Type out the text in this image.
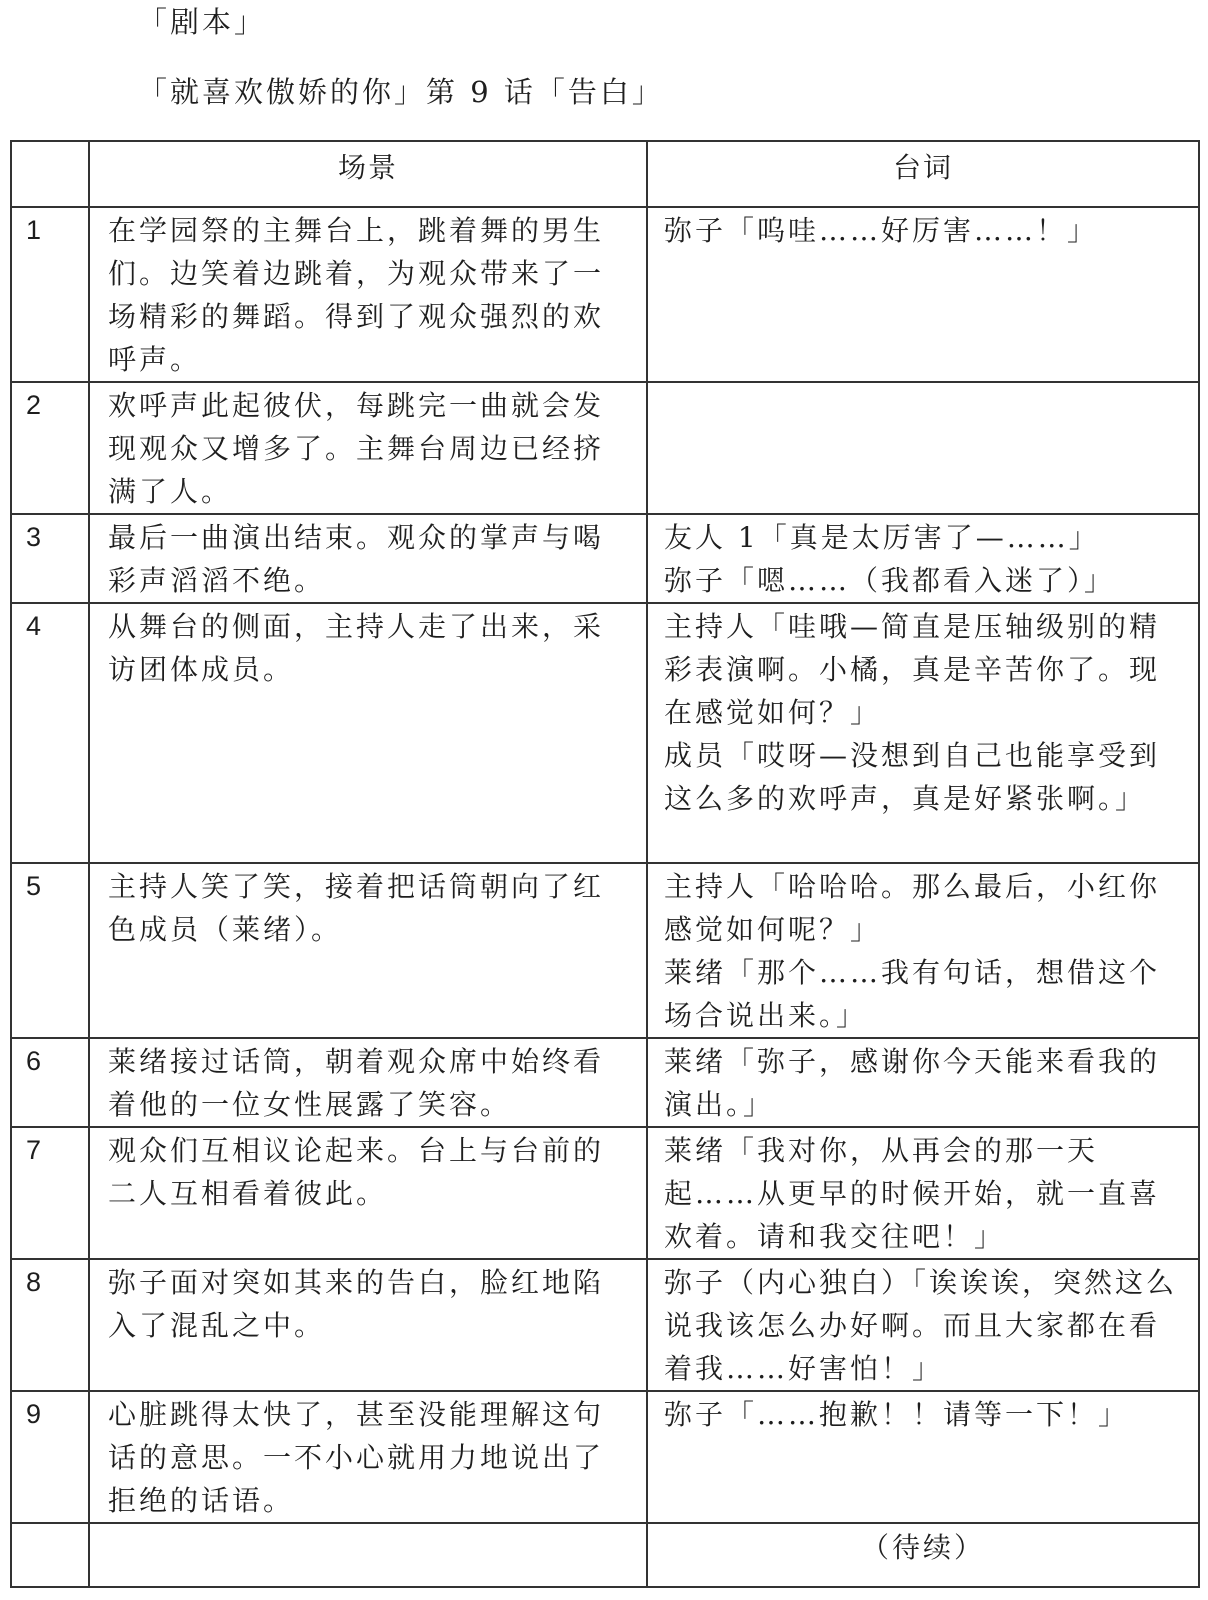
「剧本」
「就喜欢傲娇的你」第 9 话「告白」
	场景	台词
1	在学园祭的主舞台上，跳着舞的男生们。边笑着边跳着，为观众带来了一场精彩的舞蹈。得到了观众强烈的欢呼声。	弥子「呜哇……好厉害……！」

2	欢呼声此起彼伏，每跳完一曲就会发现观众又增多了。主舞台周边已经挤满了人。	
3	最后一曲演出结束。观众的掌声与喝彩声滔滔不绝。	友人 1「真是太厉害了—……」
弥子「嗯……（我都看入迷了）」

4	从舞台的侧面，主持人走了出来，采访团体成员。	主持人「哇哦—简直是压轴级别的精彩表演啊。小橘，真是辛苦你了。现在感觉如何？」
成员「哎呀—没想到自己也能享受到这么多的欢呼声，真是好紧张啊。」

5	主持人笑了笑，接着把话筒朝向了红色成员（莱绪）。	主持人「哈哈哈。那么最后，小红你感觉如何呢？」
莱绪「那个……我有句话，想借这个场合说出来。」

6	莱绪接过话筒，朝着观众席中始终看着他的一位女性展露了笑容。	莱绪「弥子，感谢你今天能来看我的演出。」

7	观众们互相议论起来。台上与台前的二人互相看着彼此。	莱绪「我对你，从再会的那一天起……从更早的时候开始，就一直喜欢着。请和我交往吧！」

8	弥子面对突如其来的告白，脸红地陷入了混乱之中。	弥子（内心独白）「诶诶诶，突然这么说我该怎么办好啊。而且大家都在看着我……好害怕！」

9	心脏跳得太快了，甚至没能理解这句话的意思。一不小心就用力地说出了拒绝的话语。	弥子「……抱歉！！请等一下！」

		（待续）
